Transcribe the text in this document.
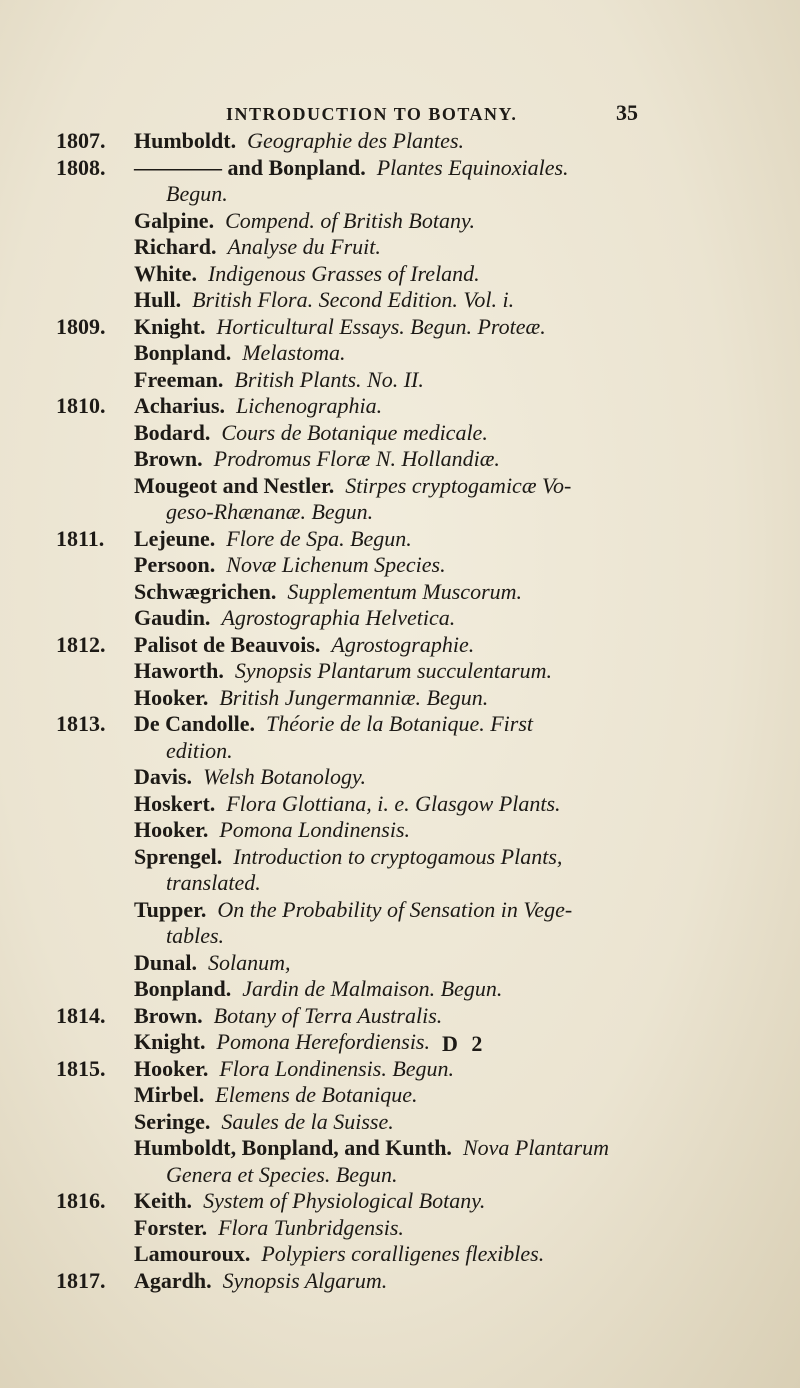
INTRODUCTION TO BOTANY.	35
1807.	Humboldt.  Geographie des Plantes.
1808.	———— and Bonpland.  Plantes Equinoxiales.
Begun.
Galpine.  Compend. of British Botany.
Richard.  Analyse du Fruit.
White.  Indigenous Grasses of Ireland.
Hull.  British Flora. Second Edition. Vol. i.
1809.	Knight.  Horticultural Essays. Begun. Proteæ.
Bonpland.  Melastoma.
Freeman.  British Plants. No. II.
1810.	Acharius.  Lichenographia.
Bodard.  Cours de Botanique medicale.
Brown.  Prodromus Floræ N. Hollandiæ.
Mougeot and Nestler.  Stirpes cryptogamicæ Vo-
geso-Rhænanæ. Begun.
1811.	Lejeune.  Flore de Spa. Begun.
Persoon.  Novæ Lichenum Species.
Schwægrichen.  Supplementum Muscorum.
Gaudin.  Agrostographia Helvetica.
1812.	Palisot de Beauvois.  Agrostographie.
Haworth.  Synopsis Plantarum succulentarum.
Hooker.  British Jungermanniæ. Begun.
1813.	De Candolle.  Théorie de la Botanique. First
edition.
Davis.  Welsh Botanology.
Hoskert.  Flora Glottiana, i. e. Glasgow Plants.
Hooker.  Pomona Londinensis.
Sprengel.  Introduction to cryptogamous Plants,
translated.
Tupper.  On the Probability of Sensation in Vege-
tables.
Dunal.  Solanum,
Bonpland.  Jardin de Malmaison. Begun.
1814.	Brown.  Botany of Terra Australis.
Knight.  Pomona Herefordiensis.
1815.	Hooker.  Flora Londinensis. Begun.
Mirbel.  Elemens de Botanique.
Seringe.  Saules de la Suisse.
Humboldt, Bonpland, and Kunth.  Nova Plantarum
Genera et Species. Begun.
1816.	Keith.  System of Physiological Botany.
Forster.  Flora Tunbridgensis.
Lamouroux.  Polypiers coralligenes flexibles.
1817.	Agardh.  Synopsis Algarum.
D 2
